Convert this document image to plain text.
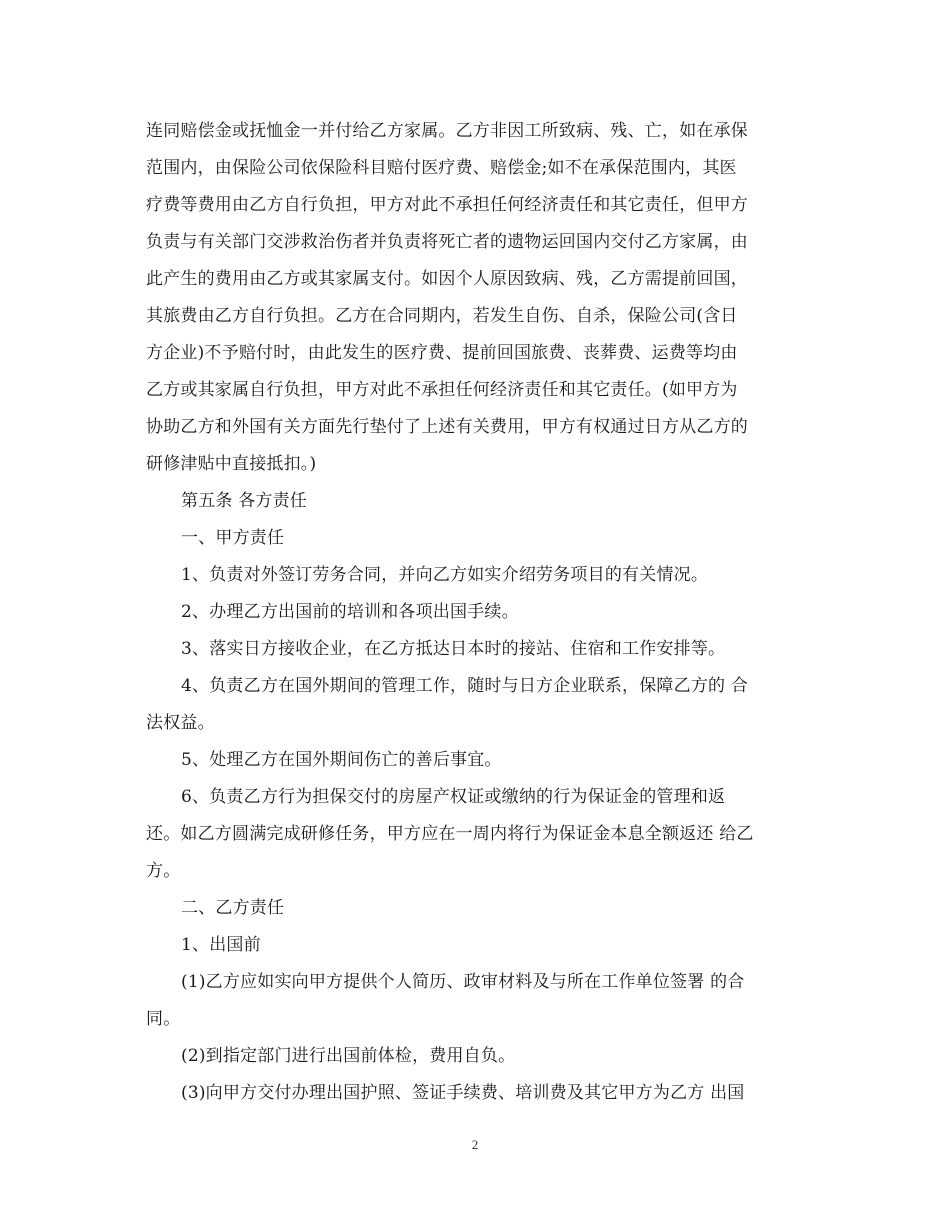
连同赔偿金或抚恤金一并付给乙方家属。乙方非因工所致病、残、亡，如在承保
范围内，由保险公司依保险科目赔付医疗费、赔偿金;如不在承保范围内，其医
疗费等费用由乙方自行负担，甲方对此不承担任何经济责任和其它责任，但甲方
负责与有关部门交涉救治伤者并负责将死亡者的遗物运回国内交付乙方家属，由
此产生的费用由乙方或其家属支付。如因个人原因致病、残，乙方需提前回国，
其旅费由乙方自行负担。乙方在合同期内，若发生自伤、自杀，保险公司(含日
方企业)不予赔付时，由此发生的医疗费、提前回国旅费、丧葬费、运费等均由
乙方或其家属自行负担，甲方对此不承担任何经济责任和其它责任。(如甲方为
协助乙方和外国有关方面先行垫付了上述有关费用，甲方有权通过日方从乙方的
研修津贴中直接抵扣。)
第五条 各方责任
一、甲方责任
1、负责对外签订劳务合同，并向乙方如实介绍劳务项目的有关情况。
2、办理乙方出国前的培训和各项出国手续。
3、落实日方接收企业，在乙方抵达日本时的接站、住宿和工作安排等。
4、负责乙方在国外期间的管理工作，随时与日方企业联系，保障乙方的 合
法权益。
5、处理乙方在国外期间伤亡的善后事宜。
6、负责乙方行为担保交付的房屋产权证或缴纳的行为保证金的管理和返
还。如乙方圆满完成研修任务，甲方应在一周内将行为保证金本息全额返还 给乙
方。
二、乙方责任
1、出国前
(1)乙方应如实向甲方提供个人简历、政审材料及与所在工作单位签署 的合
同。
(2)到指定部门进行出国前体检，费用自负。
(3)向甲方交付办理出国护照、签证手续费、培训费及其它甲方为乙方 出国
2
